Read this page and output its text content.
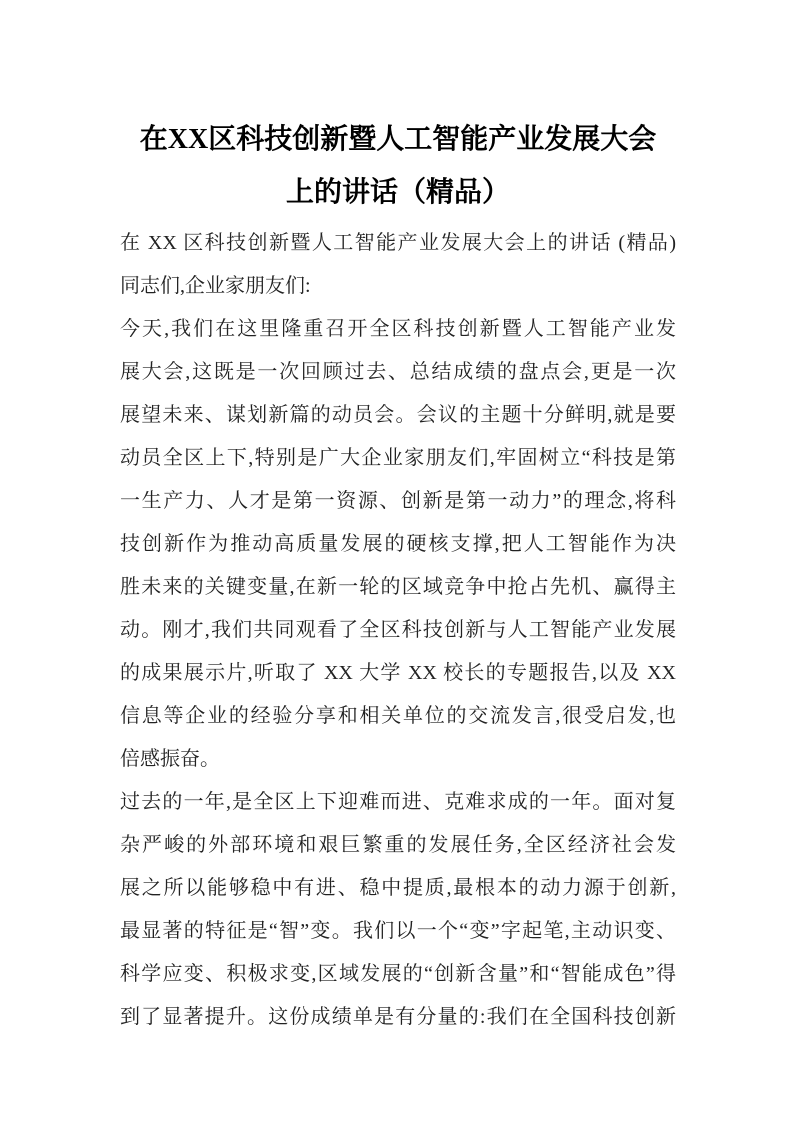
在XX区科技创新暨人工智能产业发展大会
上的讲话（精品）
在 XX 区科技创新暨人工智能产业发展大会上的讲话 (精品)
同志们,企业家朋友们:
今天,我们在这里隆重召开全区科技创新暨人工智能产业发
展大会,这既是一次回顾过去、总结成绩的盘点会,更是一次
展望未来、谋划新篇的动员会。会议的主题十分鲜明,就是要
动员全区上下,特别是广大企业家朋友们,牢固树立“科技是第
一生产力、人才是第一资源、创新是第一动力”的理念,将科
技创新作为推动高质量发展的硬核支撑,把人工智能作为决
胜未来的关键变量,在新一轮的区域竞争中抢占先机、赢得主
动。刚才,我们共同观看了全区科技创新与人工智能产业发展
的成果展示片,听取了 XX 大学 XX 校长的专题报告,以及 XX
信息等企业的经验分享和相关单位的交流发言,很受启发,也
倍感振奋。
过去的一年,是全区上下迎难而进、克难求成的一年。面对复
杂严峻的外部环境和艰巨繁重的发展任务,全区经济社会发
展之所以能够稳中有进、稳中提质,最根本的动力源于创新,
最显著的特征是“智”变。我们以一个“变”字起笔,主动识变、
科学应变、积极求变,区域发展的“创新含量”和“智能成色”得
到了显著提升。这份成绩单是有分量的:我们在全国科技创新
